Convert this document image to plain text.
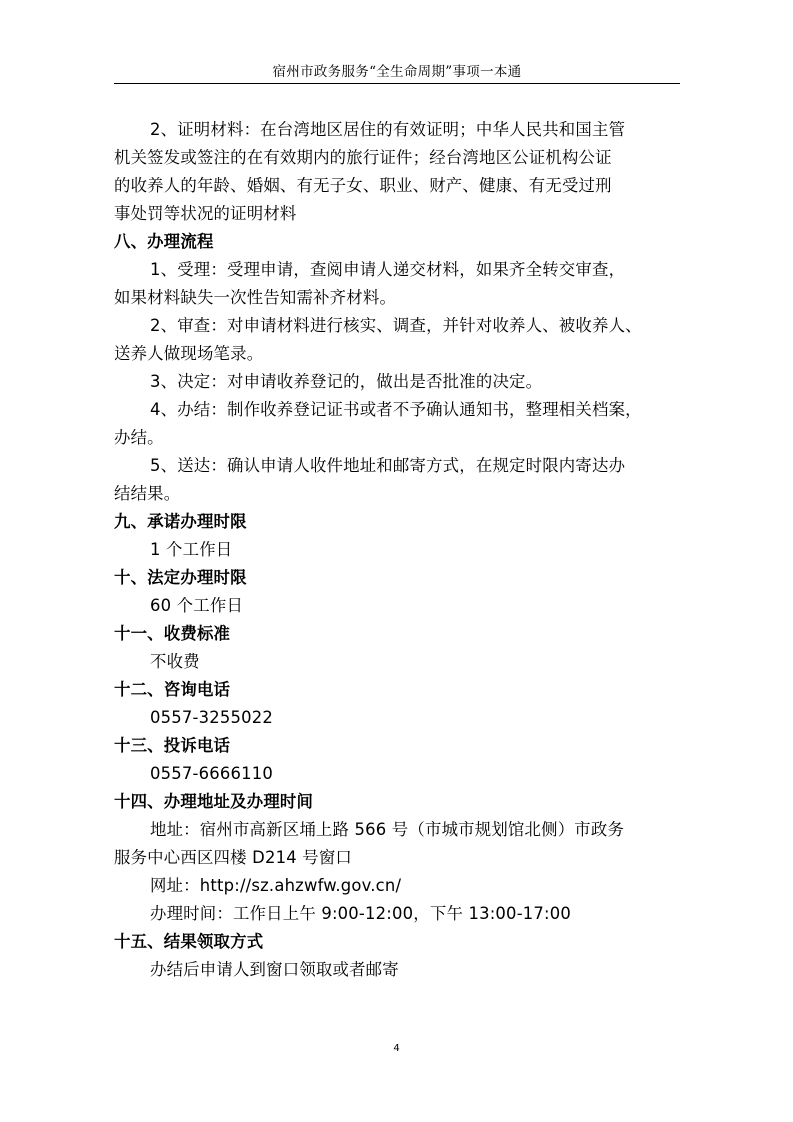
宿州市政务服务“全生命周期”事项一本通

2、证明材料：在台湾地区居住的有效证明；中华人民共和国主管

机关签发或签注的在有效期内的旅行证件；经台湾地区公证机构公证

的收养人的年龄、婚姻、有无子女、职业、财产、健康、有无受过刑

事处罚等状况的证明材料

八、办理流程

1、受理：受理申请，查阅申请人递交材料，如果齐全转交审查，

如果材料缺失一次性告知需补齐材料。

2、审查：对申请材料进行核实、调查，并针对收养人、被收养人、

送养人做现场笔录。

3、决定：对申请收养登记的，做出是否批准的决定。

4、办结：制作收养登记证书或者不予确认通知书，整理相关档案，

办结。

5、送达：确认申请人收件地址和邮寄方式，在规定时限内寄达办

结结果。

九、承诺办理时限

1 个工作日

十、法定办理时限

60 个工作日

十一、收费标准

不收费

十二、咨询电话

0557-3255022

十三、投诉电话

0557-6666110

十四、办理地址及办理时间

地址：宿州市高新区埇上路 566 号（市城市规划馆北侧）市政务

服务中心西区四楼 D214 号窗口

网址：http://sz.ahzwfw.gov.cn/

办理时间：工作日上午 9:00-12:00，下午 13:00-17:00

十五、结果领取方式

办结后申请人到窗口领取或者邮寄

4
